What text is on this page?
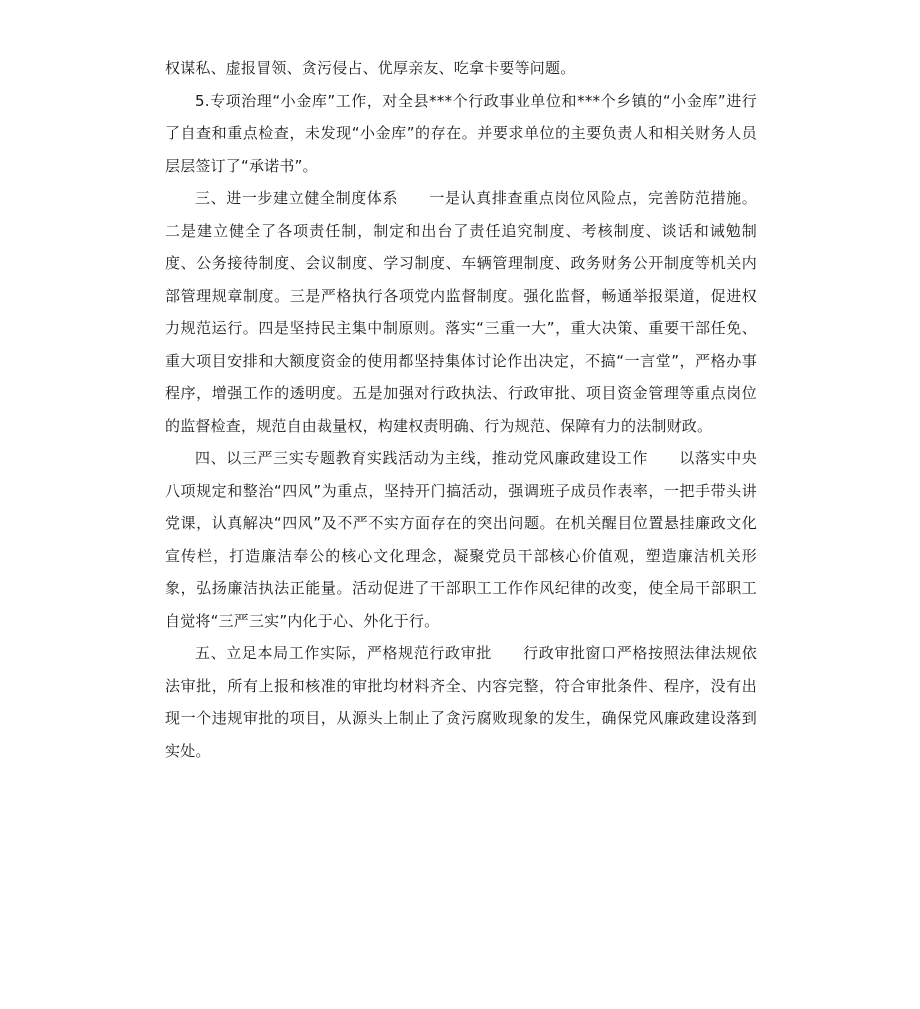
权谋私、虚报冒领、贪污侵占、优厚亲友、吃拿卡要等问题。

5.专项治理“小金库”工作，对全县***个行政事业单位和***个乡镇的“小金库”进行了自查和重点检查，未发现“小金库”的存在。并要求单位的主要负责人和相关财务人员层层签订了“承诺书”。

三、进一步建立健全制度体系　　一是认真排查重点岗位风险点，完善防范措施。二是建立健全了各项责任制，制定和出台了责任追究制度、考核制度、谈话和诫勉制度、公务接待制度、会议制度、学习制度、车辆管理制度、政务财务公开制度等机关内部管理规章制度。三是严格执行各项党内监督制度。强化监督，畅通举报渠道，促进权力规范运行。四是坚持民主集中制原则。落实“三重一大”，重大决策、重要干部任免、重大项目安排和大额度资金的使用都坚持集体讨论作出决定，不搞“一言堂”，严格办事程序，增强工作的透明度。五是加强对行政执法、行政审批、项目资金管理等重点岗位的监督检查，规范自由裁量权，构建权责明确、行为规范、保障有力的法制财政。

四、以三严三实专题教育实践活动为主线，推动党风廉政建设工作　　以落实中央八项规定和整治“四风”为重点，坚持开门搞活动，强调班子成员作表率，一把手带头讲党课，认真解决“四风”及不严不实方面存在的突出问题。在机关醒目位置悬挂廉政文化宣传栏，打造廉洁奉公的核心文化理念，凝聚党员干部核心价值观，塑造廉洁机关形象，弘扬廉洁执法正能量。活动促进了干部职工工作作风纪律的改变，使全局干部职工自觉将“三严三实”内化于心、外化于行。

五、立足本局工作实际，严格规范行政审批　　行政审批窗口严格按照法律法规依法审批，所有上报和核准的审批均材料齐全、内容完整，符合审批条件、程序，没有出现一个违规审批的项目，从源头上制止了贪污腐败现象的发生，确保党风廉政建设落到实处。
